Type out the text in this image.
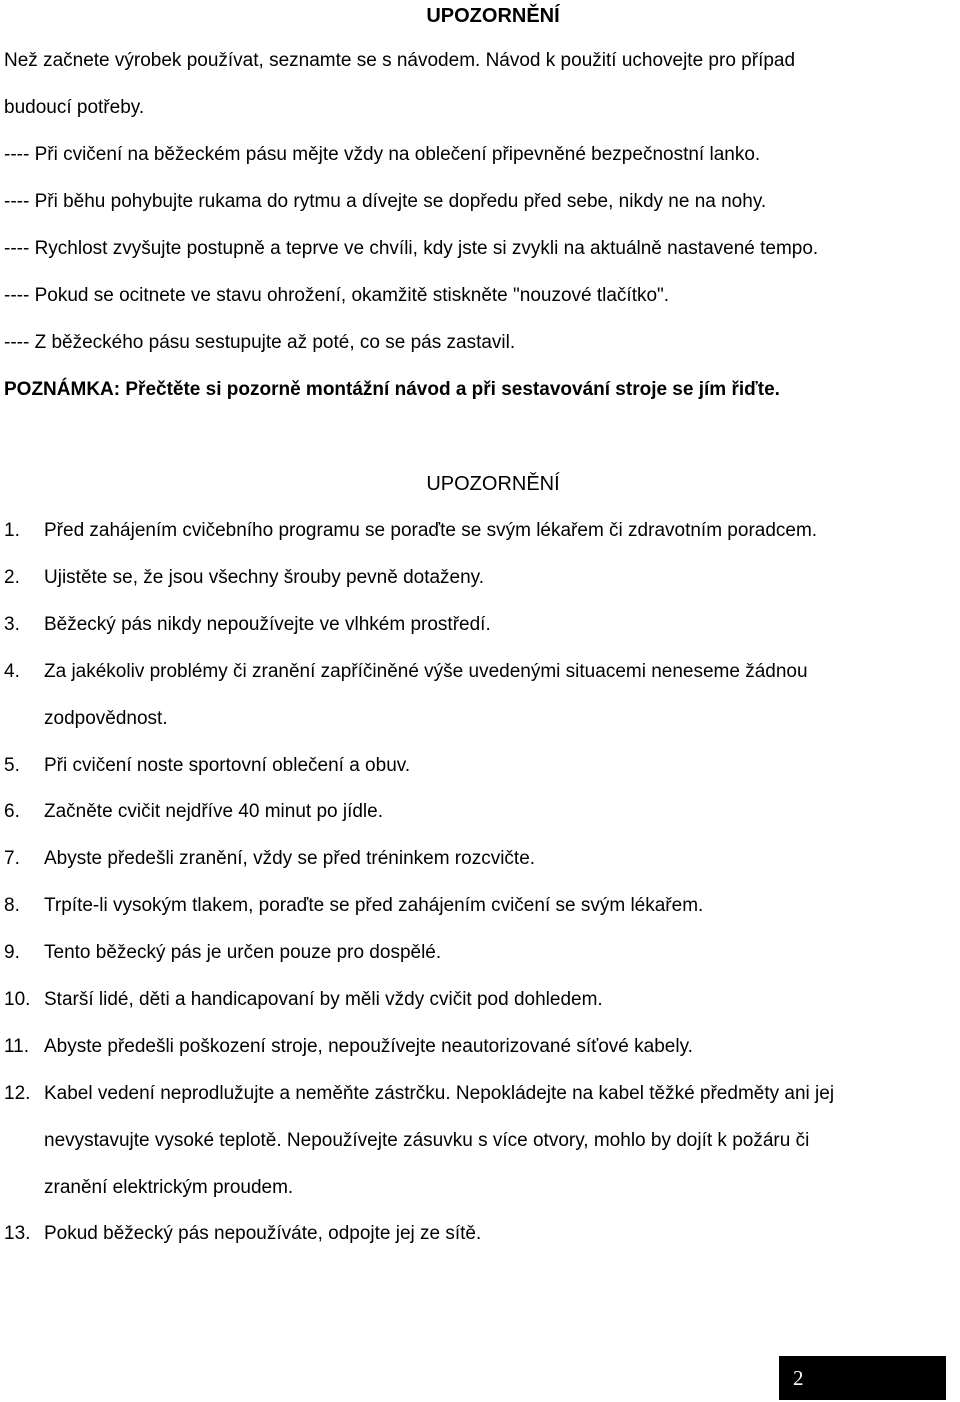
UPOZORNĚNÍ
Než začnete výrobek používat, seznamte se s návodem. Návod k použití uchovejte pro případ
budoucí potřeby.
---- Při cvičení na běžeckém pásu mějte vždy na oblečení připevněné bezpečnostní lanko.
---- Při běhu pohybujte rukama do rytmu a dívejte se dopředu před sebe, nikdy ne na nohy.
---- Rychlost zvyšujte postupně a teprve ve chvíli, kdy jste si zvykli na aktuálně nastavené tempo.
---- Pokud se ocitnete ve stavu ohrožení, okamžitě stiskněte "nouzové tlačítko".
---- Z běžeckého pásu sestupujte až poté, co se pás zastavil.
POZNÁMKA: Přečtěte si pozorně montážní návod a při sestavování stroje se jím řiďte.
UPOZORNĚNÍ
1. Před zahájením cvičebního programu se poraďte se svým lékařem či zdravotním poradcem.
2. Ujistěte se, že jsou všechny šrouby pevně dotaženy.
3. Běžecký pás nikdy nepoužívejte ve vlhkém prostředí.
4. Za jakékoliv problémy či zranění zapříčiněné výše uvedenými situacemi neneseme žádnou
zodpovědnost.
5. Při cvičení noste sportovní oblečení a obuv.
6. Začněte cvičit nejdříve 40 minut po jídle.
7. Abyste předešli zranění, vždy se před tréninkem rozcvičte.
8. Trpíte-li vysokým tlakem, poraďte se před zahájením cvičení se svým lékařem.
9. Tento běžecký pás je určen pouze pro dospělé.
10. Starší lidé, děti a handicapovaní by měli vždy cvičit pod dohledem.
11. Abyste předešli poškození stroje, nepoužívejte neautorizované síťové kabely.
12. Kabel vedení neprodlužujte a neměňte zástrčku. Nepokládejte na kabel těžké předměty ani jej
nevystavujte vysoké teplotě. Nepoužívejte zásuvku s více otvory, mohlo by dojít k požáru či
zranění elektrickým proudem.
13. Pokud běžecký pás nepoužíváte, odpojte jej ze sítě.
2
